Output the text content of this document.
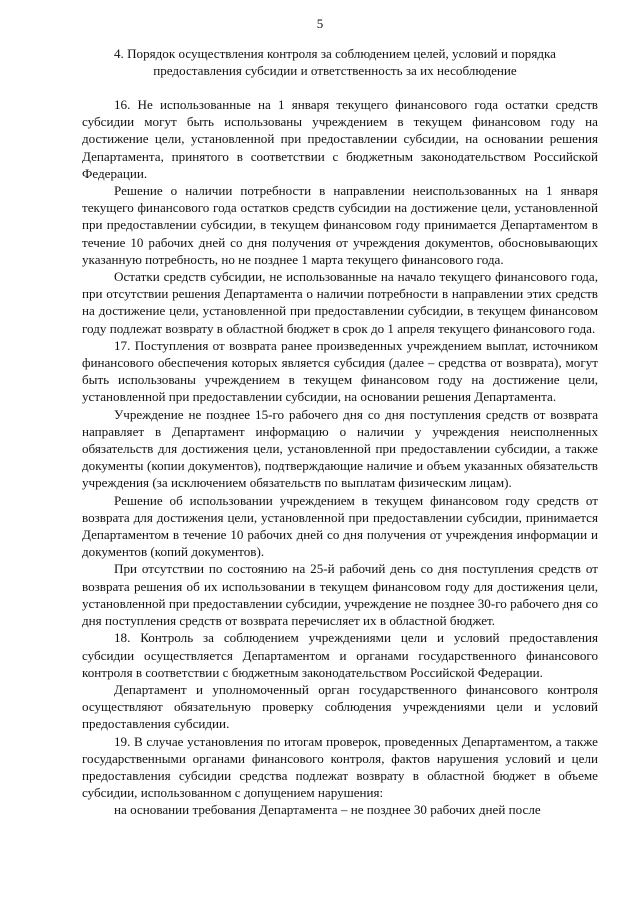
5
4. Порядок осуществления контроля за соблюдением целей, условий и порядка предоставления субсидии и ответственность за их несоблюдение

16. Не использованные на 1 января текущего финансового года остатки средств субсидии могут быть использованы учреждением в текущем финансовом году на достижение цели, установленной при предоставлении субсидии, на основании решения Департамента, принятого в соответствии с бюджетным законодательством Российской Федерации.

Решение о наличии потребности в направлении неиспользованных на 1 января текущего финансового года остатков средств субсидии на достижение цели, установленной при предоставлении субсидии, в текущем финансовом году принимается Департаментом в течение 10 рабочих дней со дня получения от учреждения документов, обосновывающих указанную потребность, но не позднее 1 марта текущего финансового года.

Остатки средств субсидии, не использованные на начало текущего финансового года, при отсутствии решения Департамента о наличии потребности в направлении этих средств на достижение цели, установленной при предоставлении субсидии, в текущем финансовом году подлежат возврату в областной бюджет в срок до 1 апреля текущего финансового года.

17. Поступления от возврата ранее произведенных учреждением выплат, источником финансового обеспечения которых является субсидия (далее – средства от возврата), могут быть использованы учреждением в текущем финансовом году на достижение цели, установленной при предоставлении субсидии, на основании решения Департамента.

Учреждение не позднее 15-го рабочего дня со дня поступления средств от возврата направляет в Департамент информацию о наличии у учреждения неисполненных обязательств для достижения цели, установленной при предоставлении субсидии, а также документы (копии документов), подтверждающие наличие и объем указанных обязательств учреждения (за исключением обязательств по выплатам физическим лицам).

Решение об использовании учреждением в текущем финансовом году средств от возврата для достижения цели, установленной при предоставлении субсидии, принимается Департаментом в течение 10 рабочих дней со дня получения от учреждения информации и документов (копий документов).

При отсутствии по состоянию на 25-й рабочий день со дня поступления средств от возврата решения об их использовании в текущем финансовом году для достижения цели, установленной при предоставлении субсидии, учреждение не позднее 30-го рабочего дня со дня поступления средств от возврата перечисляет их в областной бюджет.

18. Контроль за соблюдением учреждениями цели и условий предоставления субсидии осуществляется Департаментом и органами государственного финансового контроля в соответствии с бюджетным законодательством Российской Федерации.

Департамент и уполномоченный орган государственного финансового контроля осуществляют обязательную проверку соблюдения учреждениями цели и условий предоставления субсидии.

19. В случае установления по итогам проверок, проведенных Департаментом, а также государственными органами финансового контроля, фактов нарушения условий и цели предоставления субсидии средства подлежат возврату в областной бюджет в объеме субсидии, использованном с допущением нарушения:

на основании требования Департамента – не позднее 30 рабочих дней после
